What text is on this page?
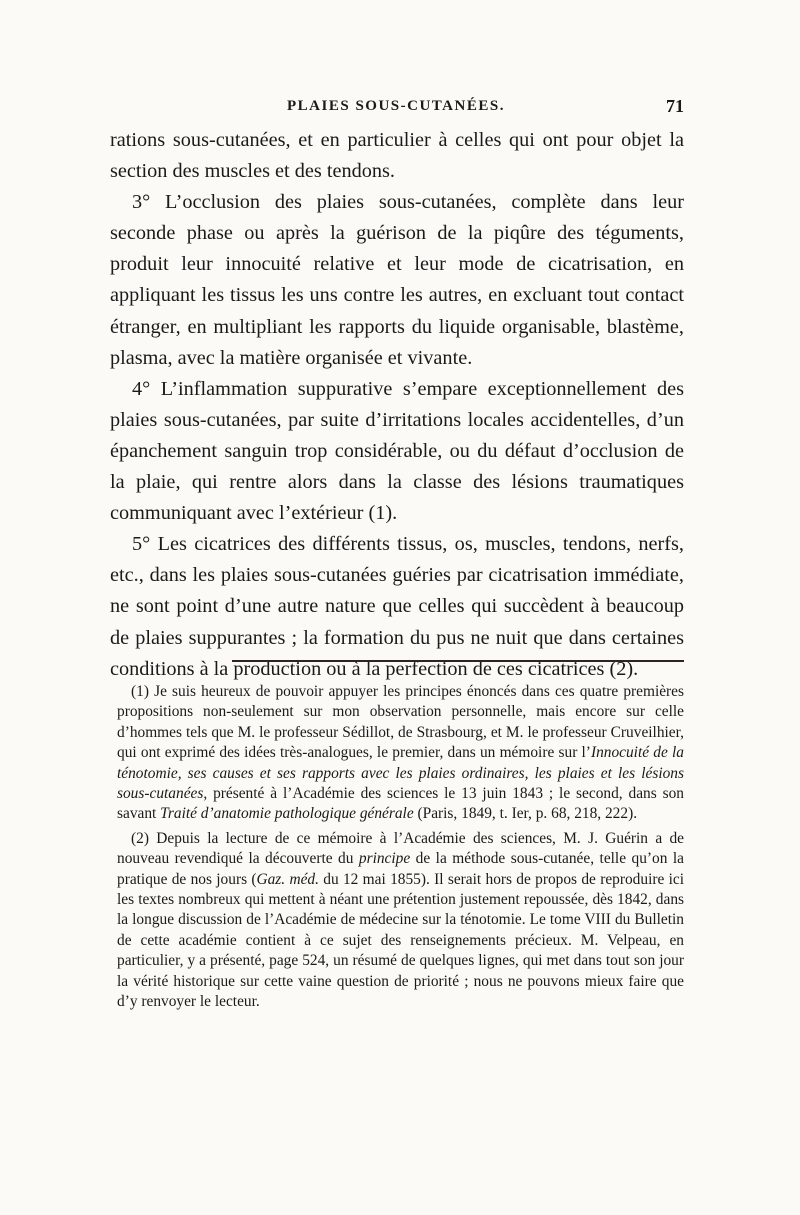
PLAIES SOUS-CUTANÉES.	71

rations sous-cutanées, et en particulier à celles qui ont pour objet la section des muscles et des tendons.

3° L’occlusion des plaies sous-cutanées, complète dans leur seconde phase ou après la guérison de la piqûre des téguments, produit leur innocuité relative et leur mode de cicatrisation, en appliquant les tissus les uns contre les autres, en excluant tout contact étranger, en multipliant les rapports du liquide organisable, blastème, plasma, avec la matière organisée et vivante.

4° L’inflammation suppurative s’empare exceptionnellement des plaies sous-cutanées, par suite d’irritations locales accidentelles, d’un épanchement sanguin trop considérable, ou du défaut d’occlusion de la plaie, qui rentre alors dans la classe des lésions traumatiques communiquant avec l’extérieur (1).

5° Les cicatrices des différents tissus, os, muscles, tendons, nerfs, etc., dans les plaies sous-cutanées guéries par cicatrisation immédiate, ne sont point d’une autre nature que celles qui succèdent à beaucoup de plaies suppurantes ; la formation du pus ne nuit que dans certaines conditions à la production ou à la perfection de ces cicatrices (2).

(1) Je suis heureux de pouvoir appuyer les principes énoncés dans ces quatre premières propositions non-seulement sur mon observation personnelle, mais encore sur celle d’hommes tels que M. le professeur Sédillot, de Strasbourg, et M. le professeur Cruveilhier, qui ont exprimé des idées très-analogues, le premier, dans un mémoire sur l’Innocuité de la ténotomie, ses causes et ses rapports avec les plaies ordinaires, les plaies et les lésions sous-cutanées, présenté à l’Académie des sciences le 13 juin 1843 ; le second, dans son savant Traité d’anatomie pathologique générale (Paris, 1849, t. Ier, p. 68, 218, 222).

(2) Depuis la lecture de ce mémoire à l’Académie des sciences, M. J. Guérin a de nouveau revendiqué la découverte du principe de la méthode sous-cutanée, telle qu’on la pratique de nos jours (Gaz. méd. du 12 mai 1855). Il serait hors de propos de reproduire ici les textes nombreux qui mettent à néant une prétention justement repoussée, dès 1842, dans la longue discussion de l’Académie de médecine sur la ténotomie. Le tome VIII du Bulletin de cette académie contient à ce sujet des renseignements précieux. M. Velpeau, en particulier, y a présenté, page 524, un résumé de quelques lignes, qui met dans tout son jour la vérité historique sur cette vaine question de priorité ; nous ne pouvons mieux faire que d’y renvoyer le lecteur.
